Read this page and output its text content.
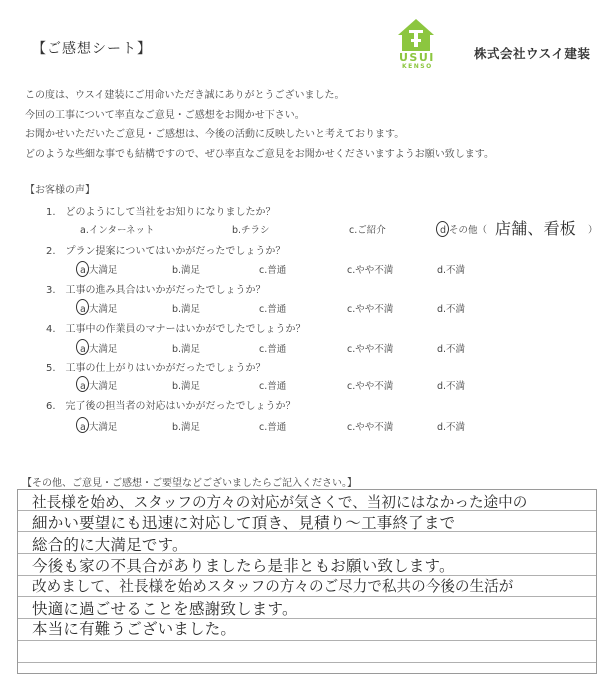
【ご感想シート】
USUI
KENSO
株式会社ウスイ建装
この度は、ウスイ建装にご用命いただき誠にありがとうございました。
今回の工事について率直なご意見・ご感想をお聞かせ下さい。
お聞かせいただいたご意見・ご感想は、今後の活動に反映したいと考えております。
どのような些細な事でも結構ですので、ぜひ率直なご意見をお聞かせくださいますようお願い致します。
【お客様の声】
1.　どのようにして当社をお知りになりましたか？
a.インターネット	b.チラシ	c.ご紹介	d.その他（ 店舗、看板 ）
2.　プラン提案についてはいかがだったでしょうか？
a.大満足	b.満足	c.普通	c.やや不満	d.不満
3.　工事の進み具合はいかがだったでしょうか？
a.大満足	b.満足	c.普通	c.やや不満	d.不満
4.　工事中の作業員のマナーはいかがでしたでしょうか？
a.大満足	b.満足	c.普通	c.やや不満	d.不満
5.　工事の仕上がりはいかがだったでしょうか？
a.大満足	b.満足	c.普通	c.やや不満	d.不満
6.　完了後の担当者の対応はいかがだったでしょうか？
a.大満足	b.満足	c.普通	c.やや不満	d.不満
【その他、ご意見・ご感想・ご要望などございましたらご記入ください。】
社長様を始め、スタッフの方々の対応が気さくで、当初にはなかった途中の
細かい要望にも迅速に対応して頂き、見積り～工事終了まで
総合的に大満足です。
今後も家の不具合がありましたら是非ともお願い致します。
改めまして、社長様を始めスタッフの方々のご尽力で私共の今後の生活が
快適に過ごせることを感謝致します。
本当に有難うございました。
